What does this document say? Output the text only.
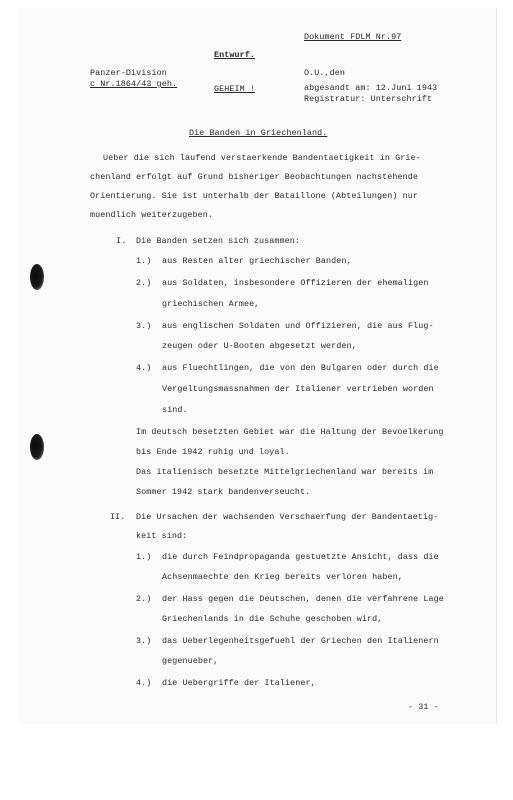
Dokument FDLM Nr.97
Entwurf.
Panzer-Division	O.U.,den
c Nr.1864/43 geh.	GEHEIM !	abgesandt am: 12.Juni 1943
Registratur: Unterschrift
Die Banden in Griechenland.
Ueber die sich laufend verstaerkende Bandentaetigkeit in Grie-
chenland erfolgt auf Grund bisheriger Beobachtungen nachstehende
Orientierung. Sie ist unterhalb der Bataillone (Abteilungen) nur
muendlich weiterzugeben.
I. Die Banden setzen sich zusammen:
1.) aus Resten alter griechischer Banden,
2.) aus Soldaten, insbesondere Offizieren der ehemaligen
griechischen Armee,
3.) aus englischen Soldaten und Offizieren, die aus Flug-
zeugen oder U-Booten abgesetzt werden,
4.) aus Fluechtlingen, die von den Bulgaren oder durch die
Vergeltungsmassnahmen der Italiener vertrieben worden
sind.
Im deutsch besetzten Gebiet war die Haltung der Bevoelkerung
bis Ende 1942 ruhig und loyal.
Das italienisch besetzte Mittelgriechenland war bereits im
Sommer 1942 stark bandenverseucht.
II. Die Ursachen der wachsenden Verschaerfung der Bandentaetig-
keit sind:
1.) die durch Feindpropaganda gestuetzte Ansicht, dass die
Achsenmaechte den Krieg bereits verloren haben,
2.) der Hass gegen die Deutschen, denen die verfahrene Lage
Griechenlands in die Schuhe geschoben wird,
3.) das Ueberlegenheitsgefuehl der Griechen den Italienern
gegenueber,
4.) die Uebergriffe der Italiener,
- 31 -
